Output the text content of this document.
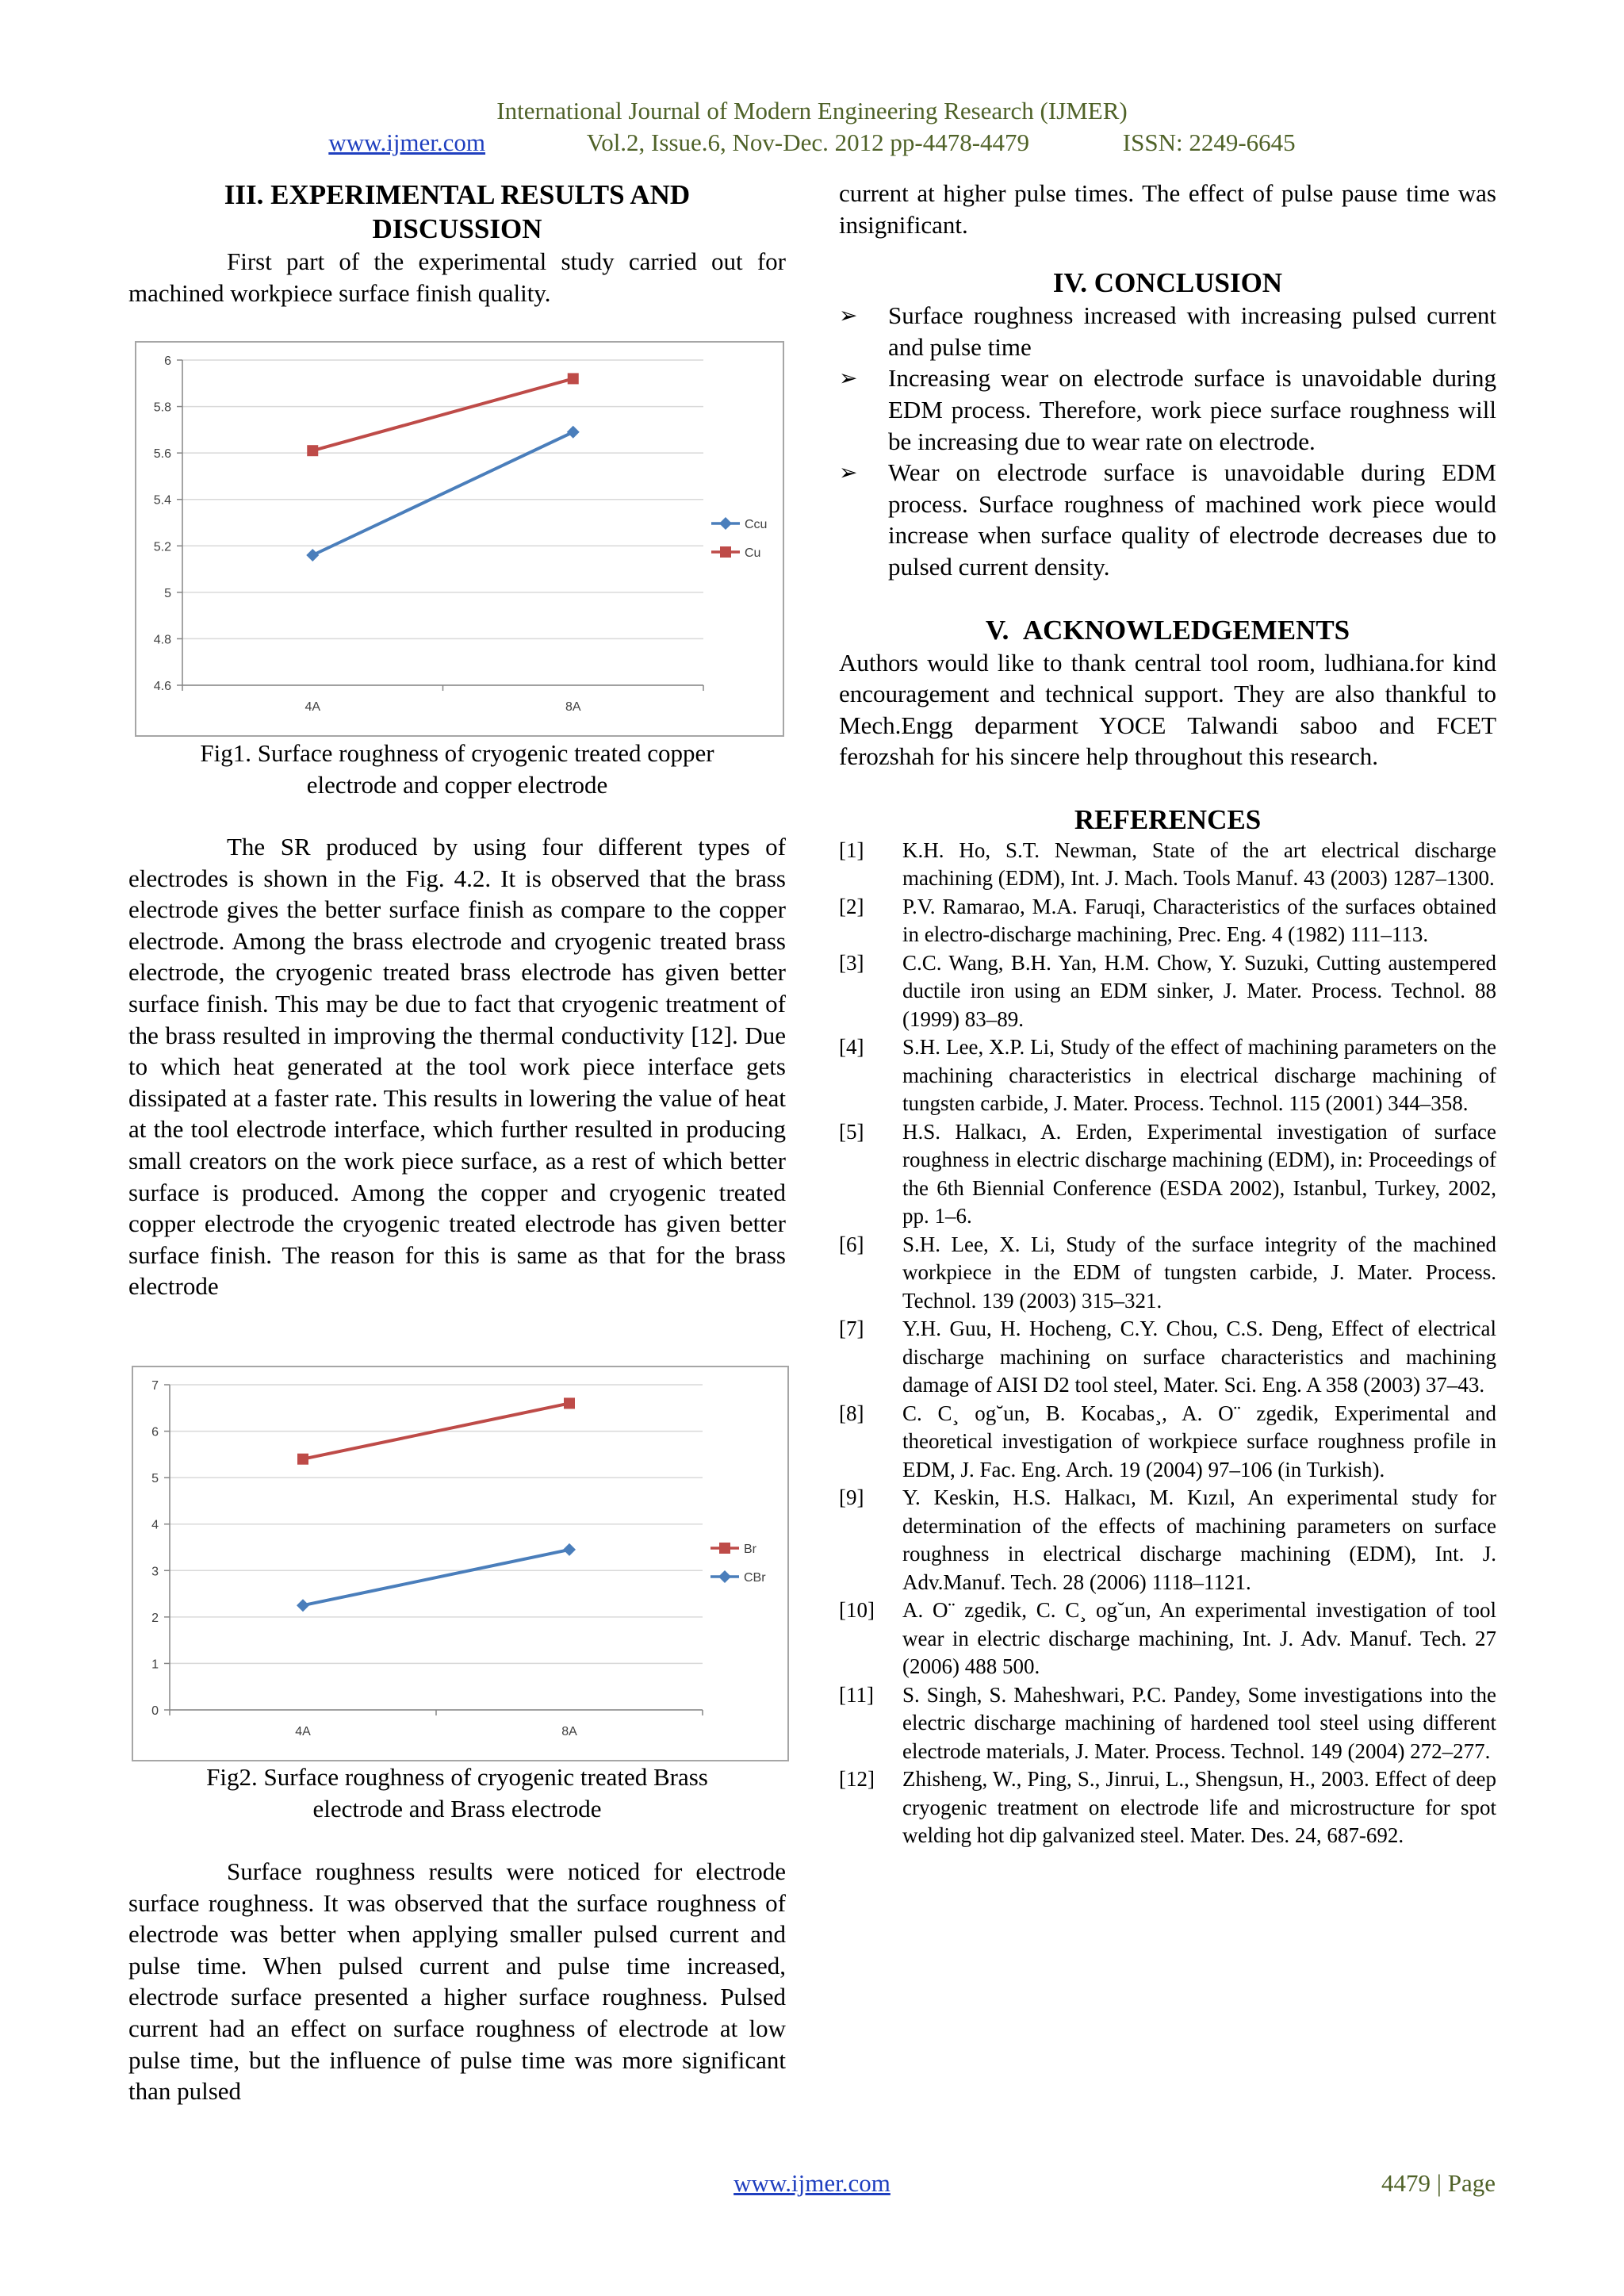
International Journal of Modern Engineering Research (IJMER)
www.ijmer.com	Vol.2, Issue.6, Nov-Dec. 2012 pp-4478-4479	ISSN: 2249-6645
III. EXPERIMENTAL RESULTS AND
DISCUSSION

First part of the experimental study carried out for machined workpiece surface finish quality.

6
5.8
5.6
5.4
5.2
5
4.8
4.6
4A	8A
Ccu
Cu
Fig1. Surface roughness of cryogenic treated copper
electrode and copper electrode

The SR produced by using four different types of electrodes is shown in the Fig. 4.2. It is observed that the brass electrode gives the better surface finish as compare to the copper electrode. Among the brass electrode and cryogenic treated brass electrode, the cryogenic treated brass electrode has given better surface finish. This may be due to fact that cryogenic treatment of the brass resulted in improving the thermal conductivity [12]. Due to which heat generated at the tool work piece interface gets dissipated at a faster rate. This results in lowering the value of heat at the tool electrode interface, which further resulted in producing small creators on the work piece surface, as a rest of which better surface is produced. Among the copper and cryogenic treated copper electrode the cryogenic treated electrode has given better surface finish. The reason for this is same as that for the brass electrode

7
6
5
4
3
2
1
0
4A	8A
Br
CBr
Fig2. Surface roughness of cryogenic treated Brass
electrode and Brass electrode

Surface roughness results were noticed for electrode surface roughness. It was observed that the surface roughness of electrode was better when applying smaller pulsed current and pulse time. When pulsed current and pulse time increased, electrode surface presented a higher surface roughness. Pulsed current had an effect on surface roughness of electrode at low pulse time, but the influence of pulse time was more significant than pulsed

current at higher pulse times. The effect of pulse pause time was insignificant.

IV. CONCLUSION
➢ Surface roughness increased with increasing pulsed current and pulse time
➢ Increasing wear on electrode surface is unavoidable during EDM process. Therefore, work piece surface roughness will be increasing due to wear rate on electrode.
➢ Wear on electrode surface is unavoidable during EDM process. Surface roughness of machined work piece would increase when surface quality of electrode decreases due to pulsed current density.
V.  ACKNOWLEDGEMENTS

Authors would like to thank central tool room, ludhiana.for kind encouragement and technical support. They are also thankful to Mech.Engg deparment YOCE Talwandi saboo and FCET ferozshah for his sincere help throughout this research.

REFERENCES
[1] K.H. Ho, S.T. Newman, State of the art electrical discharge machining (EDM), Int. J. Mach. Tools Manuf. 43 (2003) 1287–1300.
[2] P.V. Ramarao, M.A. Faruqi, Characteristics of the surfaces obtained in electro-discharge machining, Prec. Eng. 4 (1982) 111–113.
[3] C.C. Wang, B.H. Yan, H.M. Chow, Y. Suzuki, Cutting austempered ductile iron using an EDM sinker, J. Mater. Process. Technol. 88 (1999) 83–89.
[4] S.H. Lee, X.P. Li, Study of the effect of machining parameters on the machining characteristics in electrical discharge machining of tungsten carbide, J. Mater. Process. Technol. 115 (2001) 344–358.
[5] H.S. Halkacı, A. Erden, Experimental investigation of surface roughness in electric discharge machining (EDM), in: Proceedings of the 6th Biennial Conference (ESDA 2002), Istanbul, Turkey, 2002, pp. 1–6.
[6] S.H. Lee, X. Li, Study of the surface integrity of the machined workpiece in the EDM of tungsten carbide, J. Mater. Process. Technol. 139 (2003) 315–321.
[7] Y.H. Guu, H. Hocheng, C.Y. Chou, C.S. Deng, Effect of electrical discharge machining on surface characteristics and machining damage of AISI D2 tool steel, Mater. Sci. Eng. A 358 (2003) 37–43.
[8] C. C¸ og˘un, B. Kocabas¸, A. O¨ zgedik, Experimental and theoretical investigation of workpiece surface roughness profile in EDM, J. Fac. Eng. Arch. 19 (2004) 97–106 (in Turkish).
[9] Y. Keskin, H.S. Halkacı, M. Kızıl, An experimental study for determination of the effects of machining parameters on surface roughness in electrical discharge machining (EDM), Int. J. Adv.Manuf. Tech. 28 (2006) 1118–1121.
[10] A. O¨ zgedik, C. C¸ og˘un, An experimental investigation of tool wear in electric discharge machining, Int. J. Adv. Manuf. Tech. 27 (2006) 488 500.
[11] S. Singh, S. Maheshwari, P.C. Pandey, Some investigations into the electric discharge machining of hardened tool steel using different electrode materials, J. Mater. Process. Technol. 149 (2004) 272–277.
[12] Zhisheng, W., Ping, S., Jinrui, L., Shengsun, H., 2003. Effect of deep cryogenic treatment on electrode life and microstructure for spot welding hot dip galvanized steel. Mater. Des. 24, 687-692.
www.ijmer.com	4479 | Page
